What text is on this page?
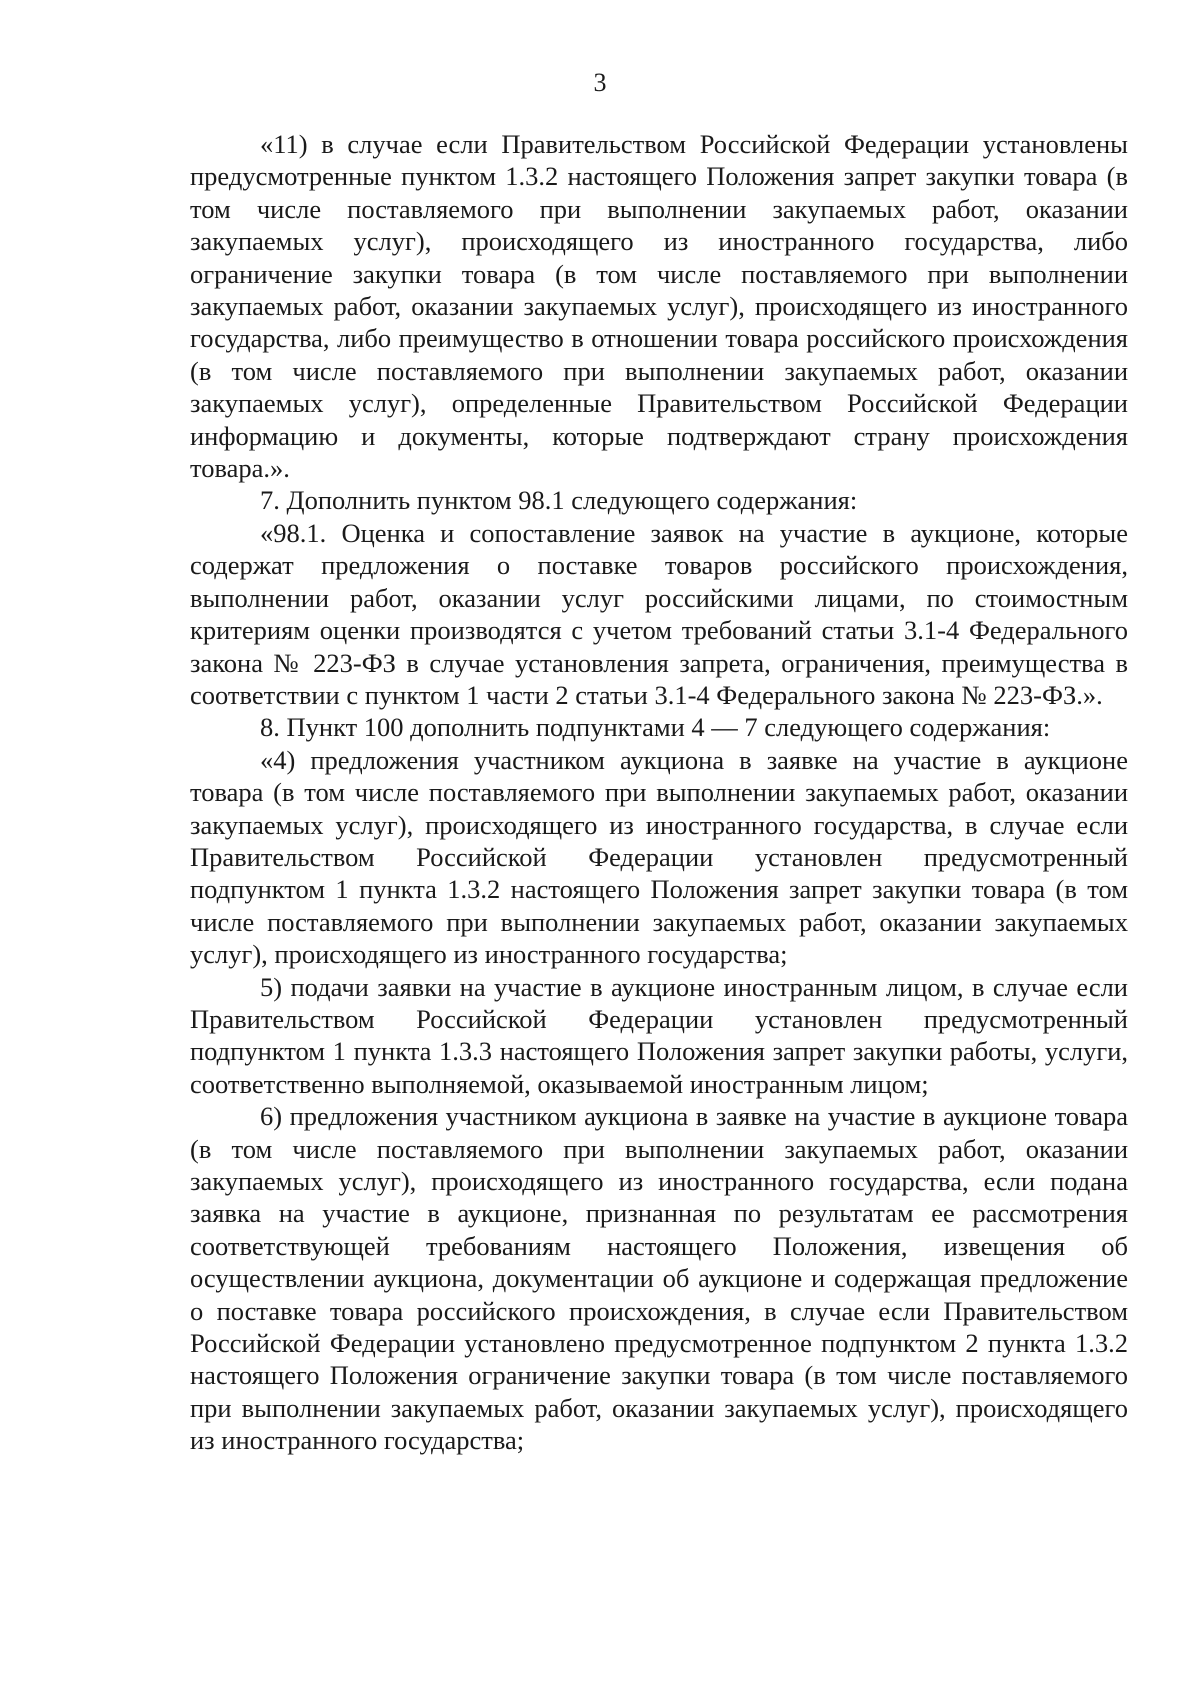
3

«11) в случае если Правительством Российской Федерации установлены предусмотренные пунктом 1.3.2 настоящего Положения запрет закупки товара (в том числе поставляемого при выполнении закупаемых работ, оказании закупаемых услуг), происходящего из иностранного государства, либо ограничение закупки товара (в том числе поставляемого при выполнении закупаемых работ, оказании закупаемых услуг), происходящего из иностранного государства, либо преимущество в отношении товара российского происхождения (в том числе поставляемого при выполнении закупаемых работ, оказании закупаемых услуг), определенные Правительством Российской Федерации информацию и документы, которые подтверждают страну происхождения товара.».

7. Дополнить пунктом 98.1 следующего содержания:

«98.1. Оценка и сопоставление заявок на участие в аукционе, которые содержат предложения о поставке товаров российского происхождения, выполнении работ, оказании услуг российскими лицами, по стоимостным критериям оценки производятся с учетом требований статьи 3.1-4 Федерального закона № 223-ФЗ в случае установления запрета, ограничения, преимущества в соответствии с пунктом 1 части 2 статьи 3.1-4 Федерального закона № 223-ФЗ.».

8. Пункт 100 дополнить подпунктами 4 — 7 следующего содержания:

«4) предложения участником аукциона в заявке на участие в аукционе товара (в том числе поставляемого при выполнении закупаемых работ, оказании закупаемых услуг), происходящего из иностранного государства, в случае если Правительством Российской Федерации установлен предусмотренный подпунктом 1 пункта 1.3.2 настоящего Положения запрет закупки товара (в том числе поставляемого при выполнении закупаемых работ, оказании закупаемых услуг), происходящего из иностранного государства;

5) подачи заявки на участие в аукционе иностранным лицом, в случае если Правительством Российской Федерации установлен предусмотренный подпунктом 1 пункта 1.3.3 настоящего Положения запрет закупки работы, услуги, соответственно выполняемой, оказываемой иностранным лицом;

6) предложения участником аукциона в заявке на участие в аукционе товара (в том числе поставляемого при выполнении закупаемых работ, оказании закупаемых услуг), происходящего из иностранного государства, если подана заявка на участие в аукционе, признанная по результатам ее рассмотрения соответствующей требованиям настоящего Положения, извещения об осуществлении аукциона, документации об аукционе и содержащая предложение о поставке товара российского происхождения, в случае если Правительством Российской Федерации установлено предусмотренное подпунктом 2 пункта 1.3.2 настоящего Положения ограничение закупки товара (в том числе поставляемого при выполнении закупаемых работ, оказании закупаемых услуг), происходящего из иностранного государства;
